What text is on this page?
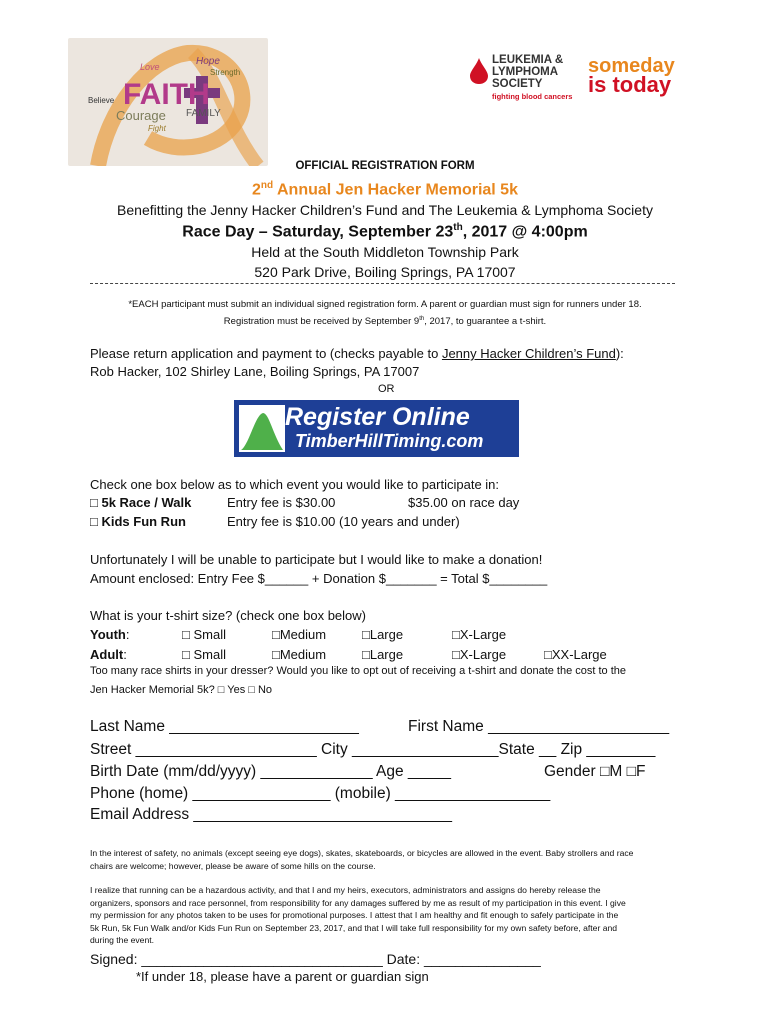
Hope
Strength
Believe FAITH
Courage
Fight
FAMILY
Love
LEUKEMIA &
LYMPHOMA
SOCIETY
fighting blood cancers
someday
is today
OFFICIAL REGISTRATION FORM
2nd Annual Jen Hacker Memorial 5k
Benefitting the Jenny Hacker Children’s Fund and The Leukemia & Lymphoma Society
Race Day – Saturday, September 23th, 2017 @ 4:00pm
Held at the South Middleton Township Park
520 Park Drive, Boiling Springs, PA 17007
*EACH participant must submit an individual signed registration form. A parent or guardian must sign for runners under 18.
Registration must be received by September 9th, 2017, to guarantee a t-shirt.
Please return application and payment to (checks payable to Jenny Hacker Children’s Fund):
Rob Hacker, 102 Shirley Lane, Boiling Springs, PA 17007
OR
Register Online
TimberHillTiming.com
Check one box below as to which event you would like to participate in:
□ 5k Race / Walk	Entry fee is $30.00	$35.00 on race day
□ Kids Fun Run	Entry fee is $10.00 (10 years and under)
Unfortunately I will be unable to participate but I would like to make a donation!
Amount enclosed: Entry Fee $______ + Donation $_______ = Total $________
What is your t-shirt size? (check one box below)
Youth:	□ Small	□Medium	□Large	□X-Large
Adult:	□ Small	□Medium	□Large	□X-Large	□XX-Large
Too many race shirts in your dresser? Would you like to opt out of receiving a t-shirt and donate the cost to the
Jen Hacker Memorial 5k? □ Yes □ No
Last Name ______________________	First Name _____________________
Street _____________________ City _________________State __ Zip ________
Birth Date (mm/dd/yyyy) _____________ Age _____	Gender □M □F
Phone (home) ________________ (mobile) __________________
Email Address ______________________________
In the interest of safety, no animals (except seeing eye dogs), skates, skateboards, or bicycles are allowed in the event. Baby strollers and race
chairs are welcome; however, please be aware of some hills on the course.
I realize that running can be a hazardous activity, and that I and my heirs, executors, administrators and assigns do hereby release the
organizers, sponsors and race personnel, from responsibility for any damages suffered by me as result of my participation in this event. I give
my permission for any photos taken to be uses for promotional purposes. I attest that I am healthy and fit enough to safely participate in the
5k Run, 5k Fun Walk and/or Kids Fun Run on September 23, 2017, and that I will take full responsibility for my own safety before, after and
during the event.
Signed: _______________________________ Date: _______________
*If under 18, please have a parent or guardian sign
